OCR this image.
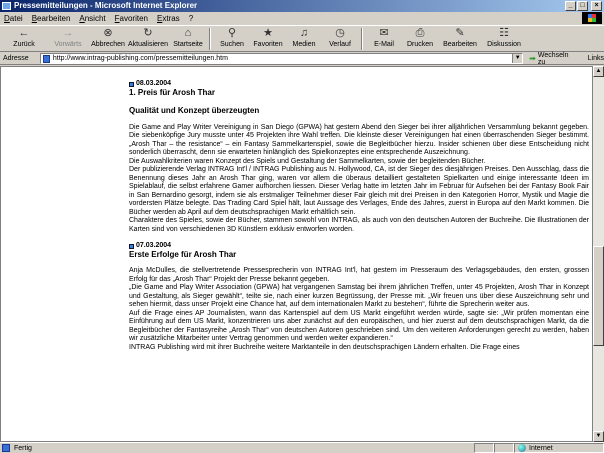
Pressemitteilungen - Microsoft Internet Explorer	_	□	×
Datei Bearbeiten Ansicht Favoriten Extras ?
←
Zurück
→
Vorwärts
⊗
Abbrechen
↻
Aktualisieren
⌂
Startseite
⚲
Suchen
★
Favoriten
♫
Medien
◷
Verlauf
✉
E-Mail
⎙
Drucken
✎
Bearbeiten
☷
Diskussion
Adresse	http://www.intrag-publishing.com/pressemitteilungen.htm	▼ ➡ Wechseln zu	Links
08.03.2004
1. Preis für Arosh Thar
Qualität und Konzept überzeugten

Die Game and Play Writer Vereinigung in San Diego (GPWA) hat gestern Abend den Sieger bei ihrer alljährlichen Versammlung bekannt gegeben. Die siebenköpfige Jury musste unter 45 Projekten ihre Wahl treffen. Die kleinste dieser Vereinigungen hat einen überraschenden Sieger bestimmt. „Arosh Thar – the resistance“ – ein Fantasy Sammelkartenspiel, sowie die Begleitbücher hierzu. Insider schienen über diese Entscheidung nicht sonderlich überrascht, denn sie erwarteten hinlänglich des Spielkonzeptes eine entsprechende Auszeichnung.

Die Auswahlkriterien waren Konzept des Spiels und Gestaltung der Sammelkarten, sowie der begleitenden Bücher.

Der publizierende Verlag INTRAG Int'l / INTRAG Publishing aus N. Hollywood, CA, ist der Sieger des diesjährigen Preises. Den Ausschlag, dass die Benennung dieses Jahr an Arosh Thar ging, waren vor allem die überaus detailliert gestalteten Spielkarten und einige interessante Ideen im Spielablauf, die selbst erfahrene Gamer aufhorchen liessen. Dieser Verlag hatte im letzten Jahr im Februar für Aufsehen bei der Fantasy Book Fair in San Bernardino gesorgt, indem sie als erstmaliger Teilnehmer dieser Fair gleich mit drei Preisen in den Kategorien Horror, Mystik und Magie die vordersten Plätze belegte. Das Trading Card Spiel hält, laut Aussage des Verlages, Ende des Jahres, zuerst in Europa auf den Markt kommen. Die Bücher werden ab April auf dem deutschsprachigen Markt erhältlich sein.

Charaktere des Spieles, sowie der Bücher, stammen sowohl von INTRAG, als auch von den deutschen Autoren der Buchreihe. Die Illustrationen der Karten sind von verschiedenen 3D Künstlern exklusiv entworfen worden.

07.03.2004
Erste Erfolge für Arosh Thar

Anja McDulles, die stellvertretende Pressesprecherin von INTRAG Int'l, hat gestern im Presseraum des Verlagsgebäudes, den ersten, grossen Erfolg für das „Arosh Thar“ Projekt der Presse bekannt gegeben.

„Die Game and Play Writer Association (GPWA) hat vergangenen Samstag bei ihrem jährlichen Treffen, unter 45 Projekten, Arosh Thar in Konzept und Gestaltung, als Sieger gewählt“, teilte sie, nach einer kurzen Begrüssung, der Presse mit. „Wir freuen uns über diese Auszeichnung sehr und sehen hiermit, dass unser Projekt eine Chance hat, auf dem internationalen Markt zu bestehen“, führte die Sprecherin weiter aus.

Auf die Frage eines AP Journalisten, wann das Kartenspiel auf dem US Markt eingeführt werden würde, sagte sie: „Wir prüfen momentan eine Einführung auf dem US Markt, konzentrieren uns aber zunächst auf den europäischen, und hier zuerst auf dem deutschsprachigen Markt, da die Begleitbücher der Fantasyreihe „Arosh Thar“ von deutschen Autoren geschrieben sind. Um den weiteren Anforderungen gerecht zu werden, haben wir zusätzliche Mitarbeiter unter Vertrag genommen und werden weiter expandieren.“

INTRAG Publishing wird mit ihrer Buchreihe weitere Marktanteile in den deutschsprachigen Ländern erhalten. Die Frage eines

▲
▼
Fertig	Internet
